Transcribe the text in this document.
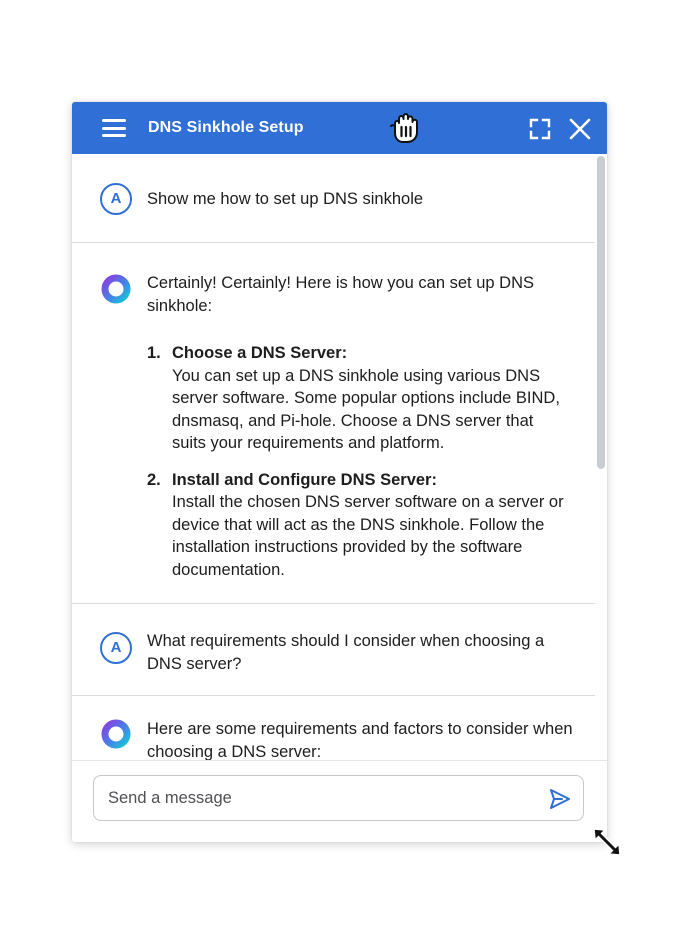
DNS Sinkhole Setup
A	Show me how to set up DNS sinkhole
Certainly! Certainly! Here is how you can set up DNS sinkhole:
1. Choose a DNS Server:
You can set up a DNS sinkhole using various DNS server software. Some popular options include BIND, dnsmasq, and Pi-hole. Choose a DNS server that suits your requirements and platform.
2. Install and Configure DNS Server:
Install the chosen DNS server software on a server or device that will act as the DNS sinkhole. Follow the installation instructions provided by the software documentation.
A	What requirements should I consider when choosing a DNS server?
Here are some requirements and factors to consider when choosing a DNS server:
Send a message
